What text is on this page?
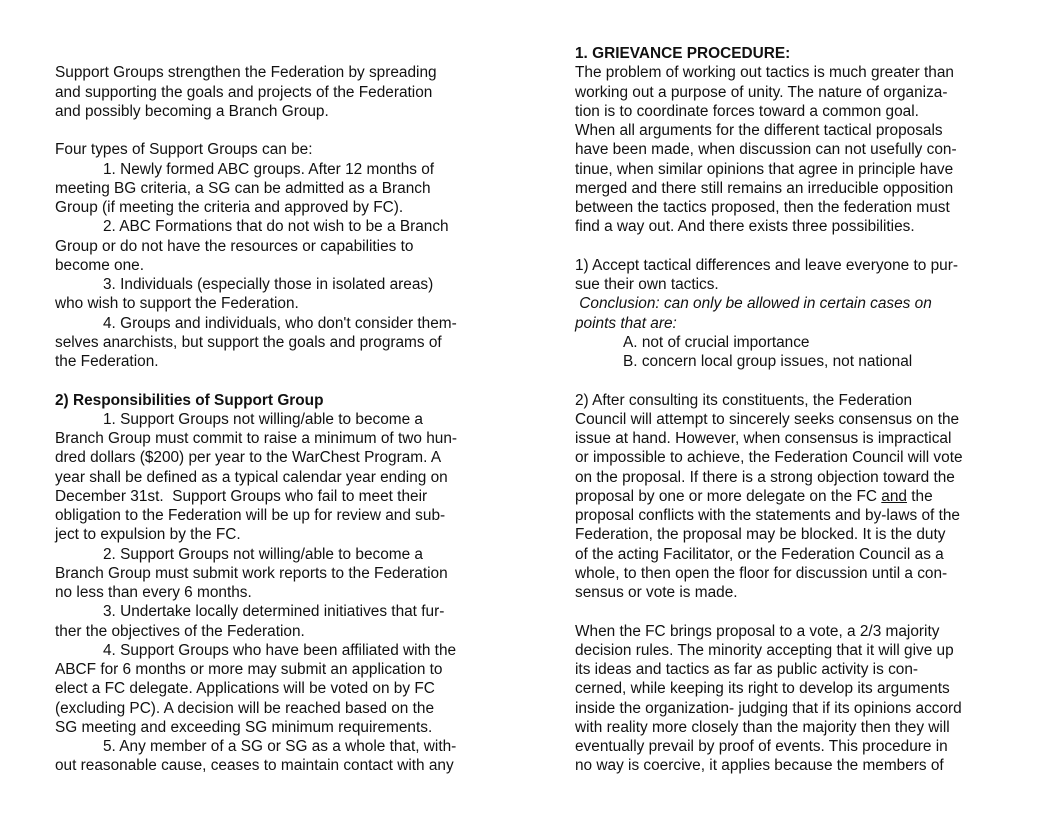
Support Groups strengthen the Federation by spreading
and supporting the goals and projects of the Federation
and possibly becoming a Branch Group.
Four types of Support Groups can be:
1. Newly formed ABC groups. After 12 months of
meeting BG criteria, a SG can be admitted as a Branch
Group (if meeting the criteria and approved by FC).
2. ABC Formations that do not wish to be a Branch
Group or do not have the resources or capabilities to
become one.
3. Individuals (especially those in isolated areas)
who wish to support the Federation.
4. Groups and individuals, who don't consider them-
selves anarchists, but support the goals and programs of
the Federation.
2) Responsibilities of Support Group
1. Support Groups not willing/able to become a
Branch Group must commit to raise a minimum of two hun-
dred dollars ($200) per year to the WarChest Program. A
year shall be defined as a typical calendar year ending on
December 31st.  Support Groups who fail to meet their
obligation to the Federation will be up for review and sub-
ject to expulsion by the FC.
2. Support Groups not willing/able to become a
Branch Group must submit work reports to the Federation
no less than every 6 months.
3. Undertake locally determined initiatives that fur-
ther the objectives of the Federation.
4. Support Groups who have been affiliated with the
ABCF for 6 months or more may submit an application to
elect a FC delegate. Applications will be voted on by FC
(excluding PC). A decision will be reached based on the
SG meeting and exceeding SG minimum requirements.
5. Any member of a SG or SG as a whole that, with-
out reasonable cause, ceases to maintain contact with any
1. GRIEVANCE PROCEDURE:
The problem of working out tactics is much greater than
working out a purpose of unity. The nature of organiza-
tion is to coordinate forces toward a common goal.
When all arguments for the different tactical proposals
have been made, when discussion can not usefully con-
tinue, when similar opinions that agree in principle have
merged and there still remains an irreducible opposition
between the tactics proposed, then the federation must
find a way out. And there exists three possibilities.
1) Accept tactical differences and leave everyone to pur-
sue their own tactics.
Conclusion: can only be allowed in certain cases on
points that are:
A. not of crucial importance
B. concern local group issues, not national
2) After consulting its constituents, the Federation
Council will attempt to sincerely seeks consensus on the
issue at hand. However, when consensus is impractical
or impossible to achieve, the Federation Council will vote
on the proposal. If there is a strong objection toward the
proposal by one or more delegate on the FC and the
proposal conflicts with the statements and by-laws of the
Federation, the proposal may be blocked. It is the duty
of the acting Facilitator, or the Federation Council as a
whole, to then open the floor for discussion until a con-
sensus or vote is made.
When the FC brings proposal to a vote, a 2/3 majority
decision rules. The minority accepting that it will give up
its ideas and tactics as far as public activity is con-
cerned, while keeping its right to develop its arguments
inside the organization- judging that if its opinions accord
with reality more closely than the majority then they will
eventually prevail by proof of events. This procedure in
no way is coercive, it applies because the members of
